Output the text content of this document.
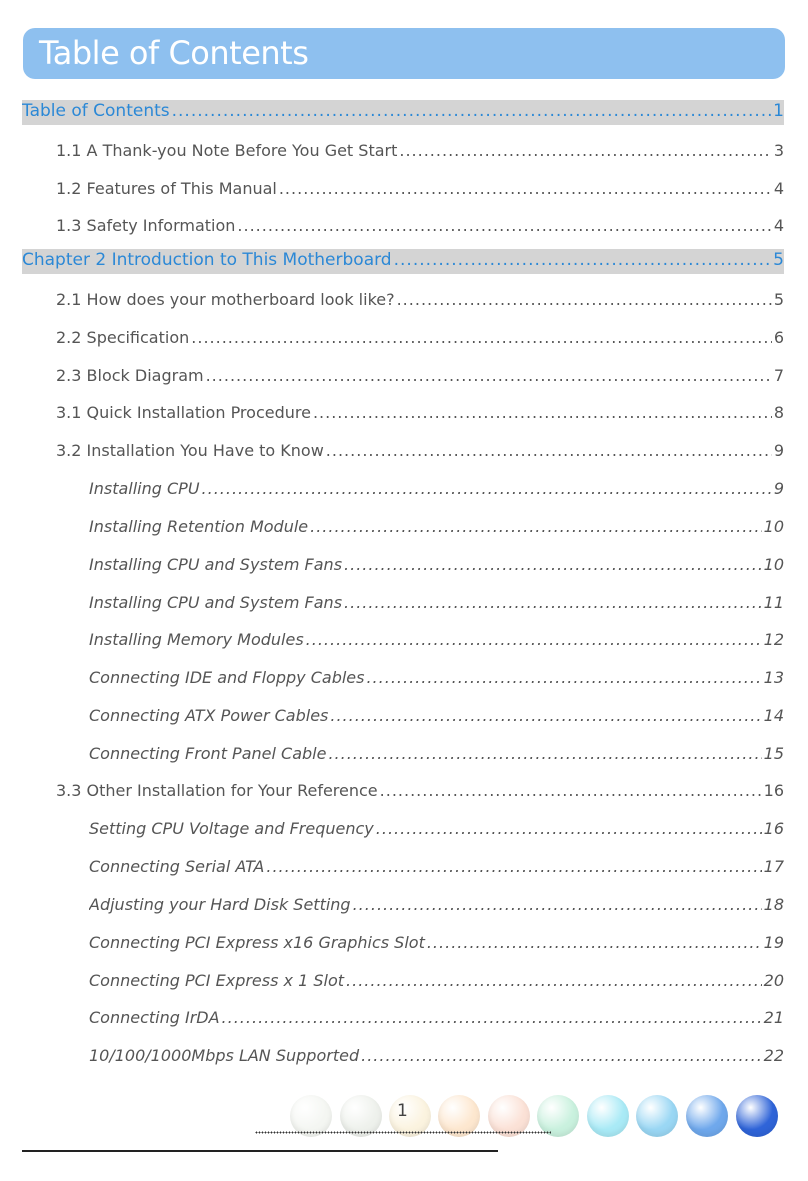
Table of Contents
Table of Contents .....	1
1.1 A Thank-you Note Before You Get Start .....	3
1.2 Features of This Manual .....	4
1.3 Safety Information .....	4
Chapter 2 Introduction to This Motherboard .....	5
2.1 How does your motherboard look like? .....	5
2.2 Specification .....	6
2.3 Block Diagram .....	7
3.1 Quick Installation Procedure .....	8
3.2 Installation You Have to Know .....	9
Installing CPU .....	9
Installing Retention Module .....	10
Installing CPU and System Fans .....	10
Installing CPU and System Fans .....	11
Installing Memory Modules .....	12
Connecting IDE and Floppy Cables .....	13
Connecting ATX Power Cables .....	14
Connecting Front Panel Cable .....	15
3.3 Other Installation for Your Reference .....	16
Setting CPU Voltage and Frequency .....	16
Connecting Serial ATA .....	17
Adjusting your Hard Disk Setting .....	18
Connecting PCI Express x16 Graphics Slot .....	19
Connecting PCI Express x 1 Slot .....	20
Connecting IrDA .....	21
10/100/1000Mbps LAN Supported .....	22
1
